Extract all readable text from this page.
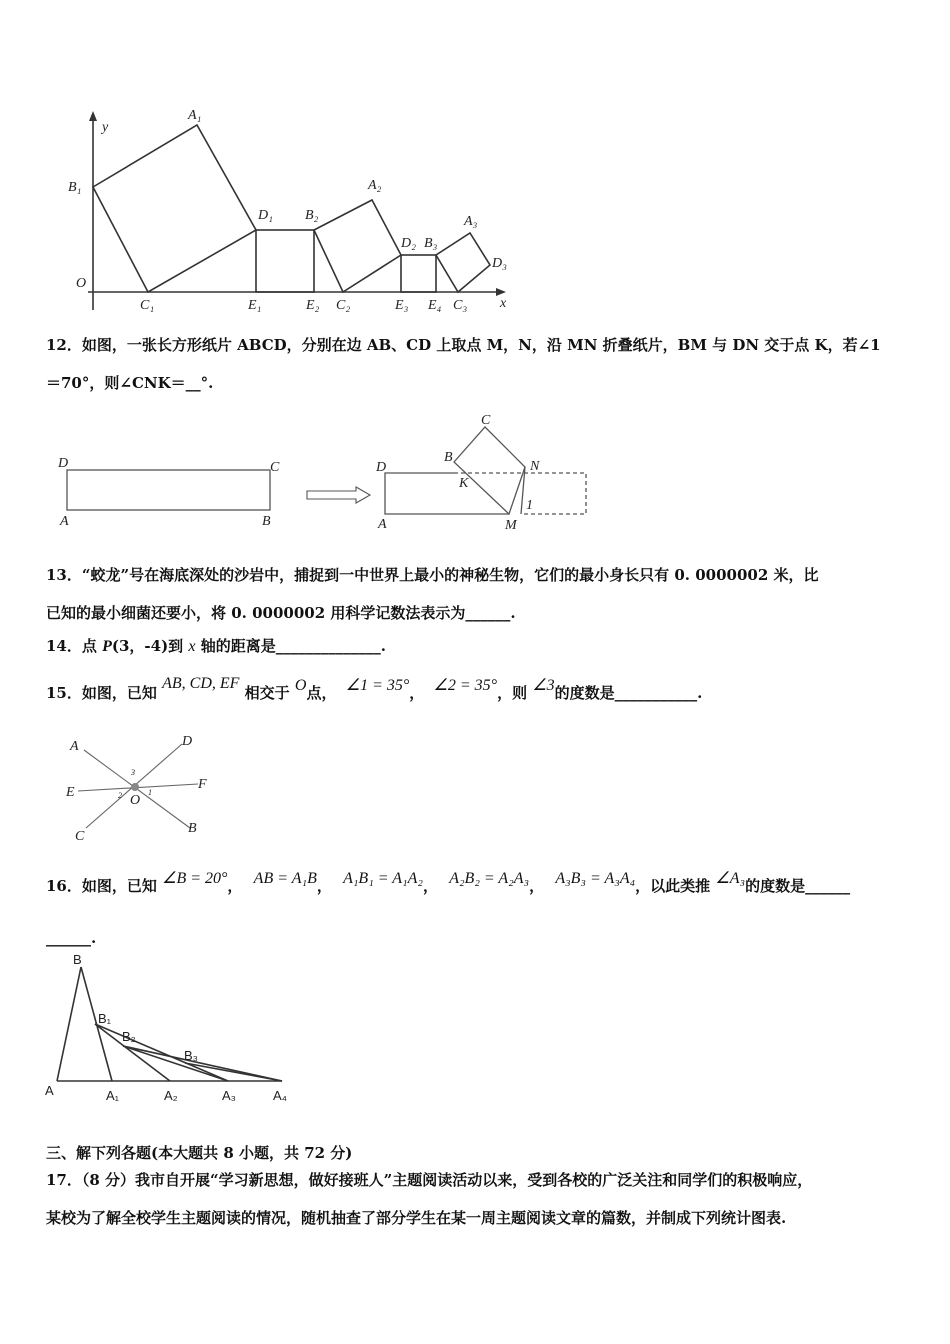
x
y
O
A₁
B₁
C₁
D₁
E₁
B₂
E₂
A₂
C₂
D₂ B₃
E₃ E₄
A₃
C₃
D₃
12．如图，一张长方形纸片 ABCD，分别在边 AB、CD 上取点 M，N，沿 MN 折叠纸片，BM 与 DN 交于点 K，若∠1
＝70°，则∠CNK＝__°.
D	C
A	B
C
B
N
D
K
1
A	M
13．“蛟龙”号在海底深处的沙岩中，捕捉到一中世界上最小的神秘生物，它们的最小身长只有 0. 0000002 米，比
已知的最小细菌还要小，将 0. 0000002 用科学记数法表示为______.
14．点 P(3，-4)到 x 轴的距离是______________.
15．如图，已知 AB, CD, EF 相交于 O点， ∠1 = 35°， ∠2 = 35°，则 ∠3的度数是___________.
A	D
E
F
O
C
B
3
2	1
16．如图，已知 ∠B = 20°， AB = A₁B， A₁B₁ = A₁A₂， A₂B₂ = A₂A₃， A₃B₃ = A₃A₄，以此类推 ∠A₃的度数是______
______.
B
B₁
B₂
B₃
A	A₁	A₂	A₃	A₄
三、解下列各题(本大题共 8 小题，共 72 分)
17．（8 分）我市自开展“学习新思想，做好接班人”主题阅读活动以来，受到各校的广泛关注和同学们的积极响应，
某校为了解全校学生主题阅读的情况，随机抽查了部分学生在某一周主题阅读文章的篇数，并制成下列统计图表.
